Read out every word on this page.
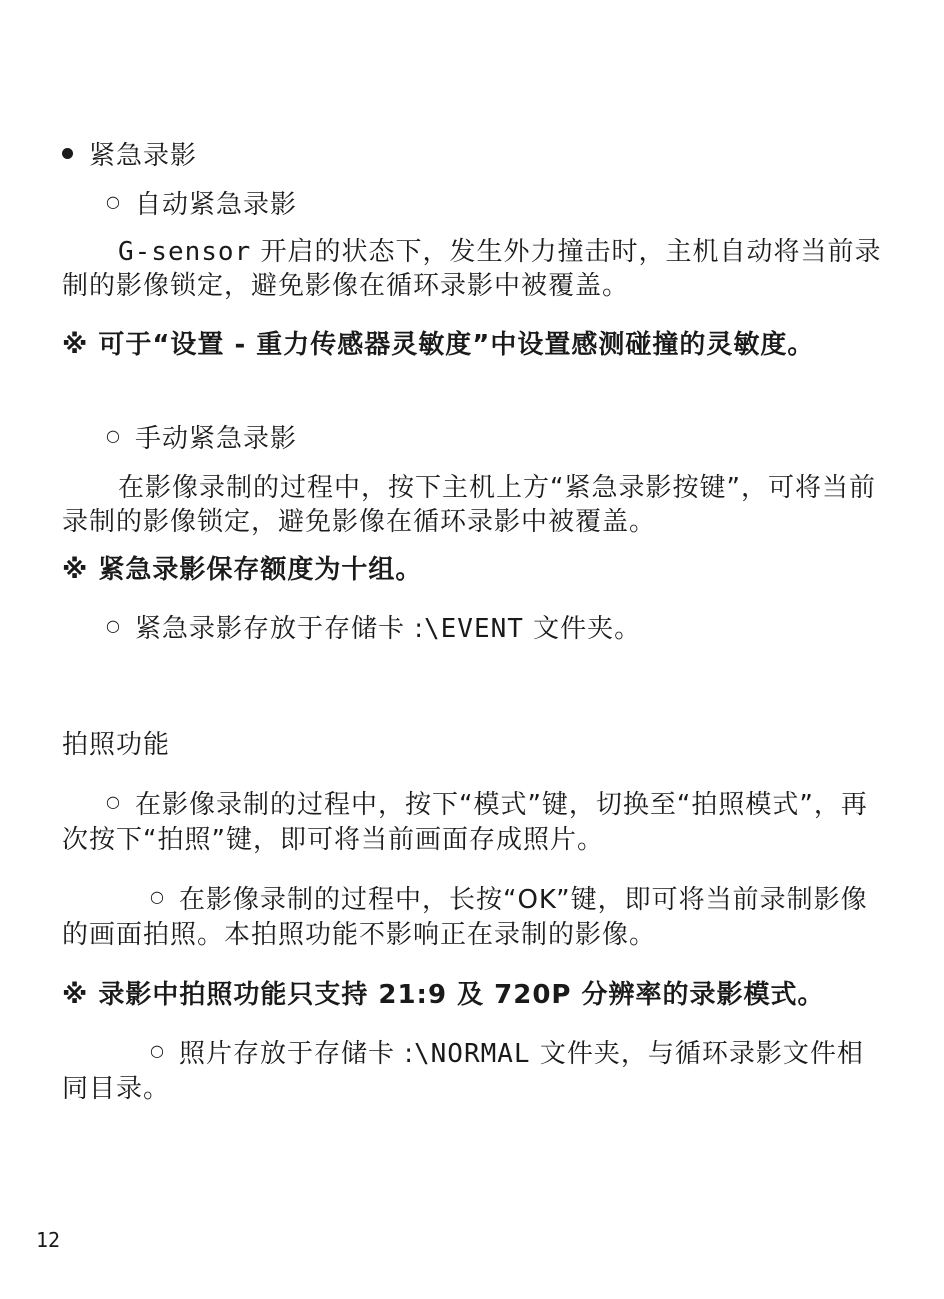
紧急录影
○ 自动紧急录影

G-sensor 开启的状态下，发生外力撞击时，主机自动将当前录制的影像锁定，避免影像在循环录影中被覆盖。

※ 可于“设置 - 重力传感器灵敏度”中设置感测碰撞的灵敏度。

○ 手动紧急录影

在影像录制的过程中，按下主机上方“紧急录影按键”，可将当前录制的影像锁定，避免影像在循环录影中被覆盖。

※ 紧急录影保存额度为十组。

○ 紧急录影存放于存储卡 :\EVENT 文件夹。
拍照功能

○ 在影像录制的过程中，按下“模式”键，切换至“拍照模式”，再次按下“拍照”键，即可将当前画面存成照片。

○ 在影像录制的过程中，长按“OK”键，即可将当前录制影像的画面拍照。本拍照功能不影响正在录制的影像。

※ 录影中拍照功能只支持 21:9 及 720P 分辨率的录影模式。

○ 照片存放于存储卡 :\NORMAL 文件夹，与循环录影文件相同目录。

12
